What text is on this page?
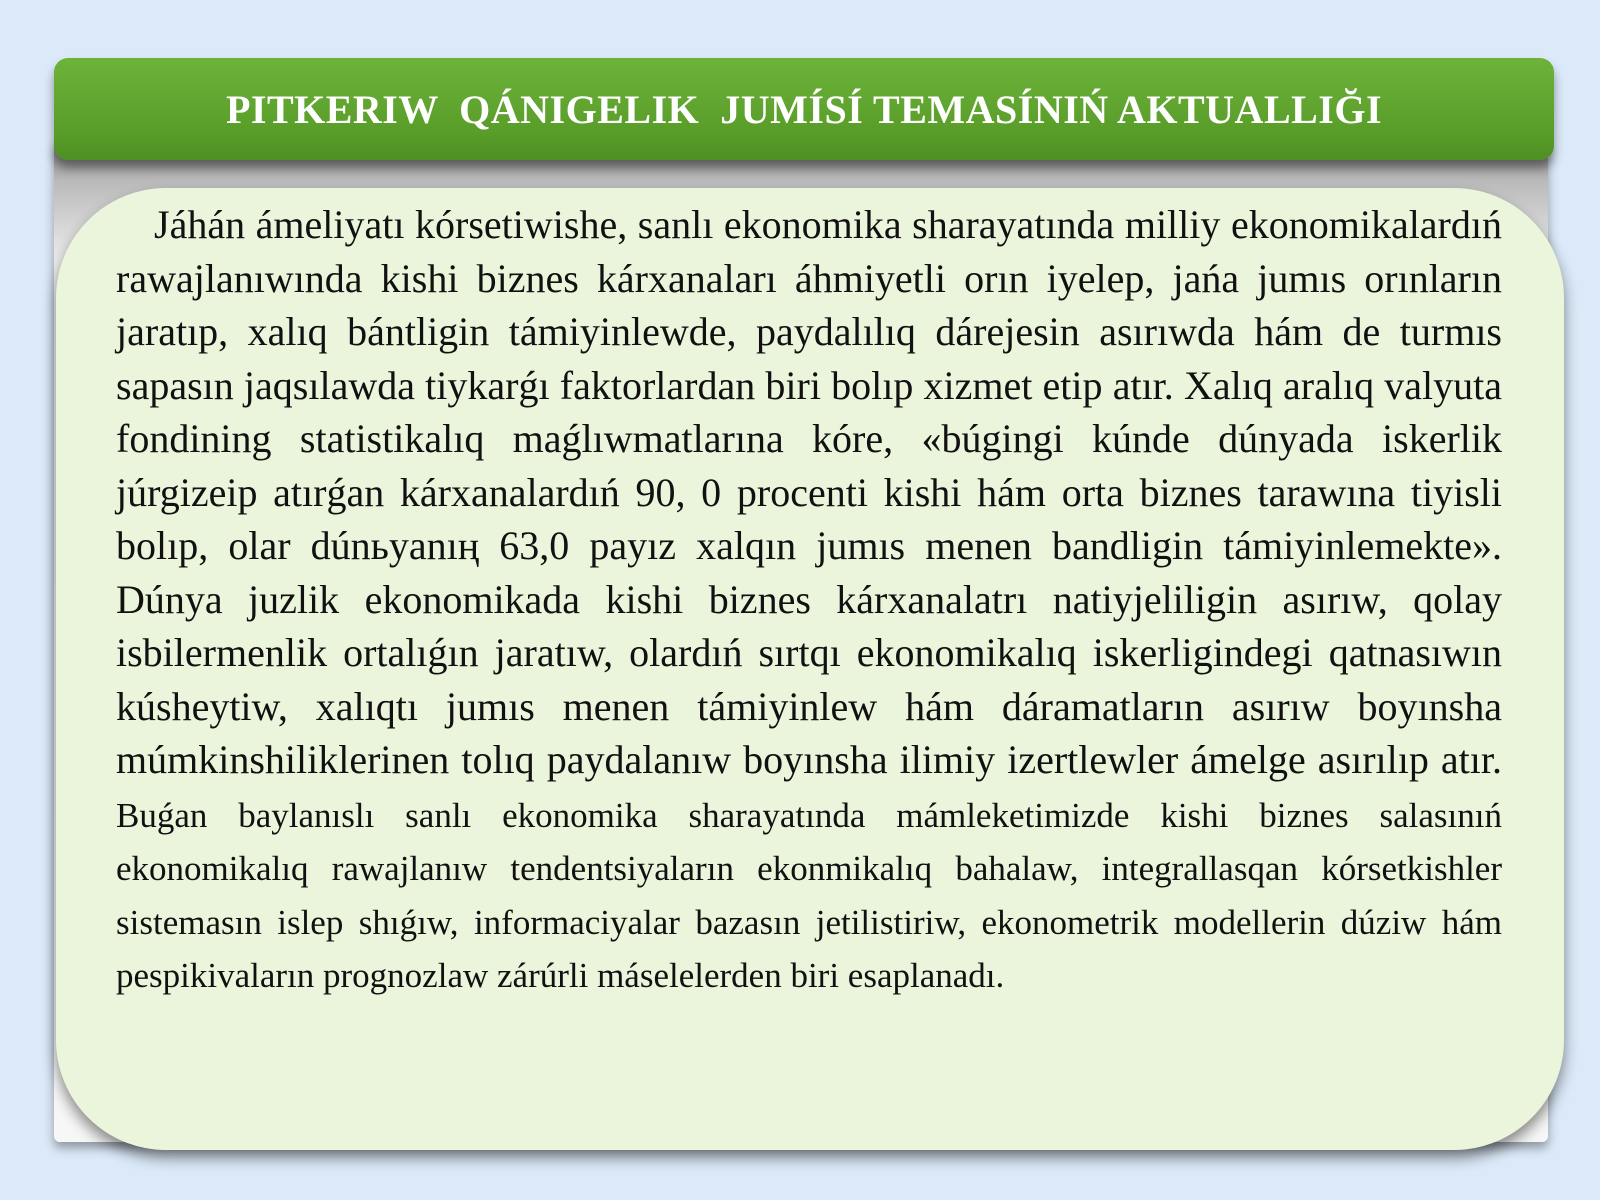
PITKERIW  QÁNIGELIK  JUMÍSÍ TEMASÍNIŃ AKTUALLIĞI

Jáhán ámeliyatı kórsetiwishe, sanlı ekonomika sharayatında milliy ekonomikalardıń rawajlanıwında kishi biznes kárxanaları áhmiyetli orın iyelep, jańa jumıs orınların jaratıp, xalıq bántligin támiyinlewde, paydalılıq dárejesin asırıwda hám de turmıs sapasın jaqsılawda tiykarǵı faktorlardan biri bolıp xizmet etip atır. Xalıq aralıq valyuta fondining statistikalıq maǵlıwmatlarına kóre, «búgingi kúnde dúnyada iskerlik júrgizeip atırǵan kárxanalardıń 90, 0 procenti kishi hám orta biznes tarawına tiyisli bolıp, olar dúnьyanıң 63,0 payız xalqın jumıs menen bandligin támiyinlemekte». Dúnya juzlik ekonomikada kishi biznes kárxanalatrı natiyjeliligin asırıw, qolay isbilermenlik ortalıǵın jaratıw, olardıń sırtqı ekonomikalıq iskerligindegi qatnasıwın kúsheytiw, xalıqtı jumıs menen támiyinlew hám dáramatların asırıw boyınsha múmkinshiliklerinen tolıq paydalanıw boyınsha ilimiy izertlewler ámelge asırılıp atır.

Buǵan baylanıslı sanlı ekonomika sharayatında mámleketimizde kishi biznes salasınıń ekonomikalıq rawajlanıw tendentsiyaların ekonmikalıq bahalaw, integrallasqan kórsetkishler sistemasın islep shıǵıw, informaciyalar bazasın jetilistiriw, ekonometrik modellerin dúziw hám pespikivaların prognozlaw zárúrli máselelerden biri esaplanadı.
